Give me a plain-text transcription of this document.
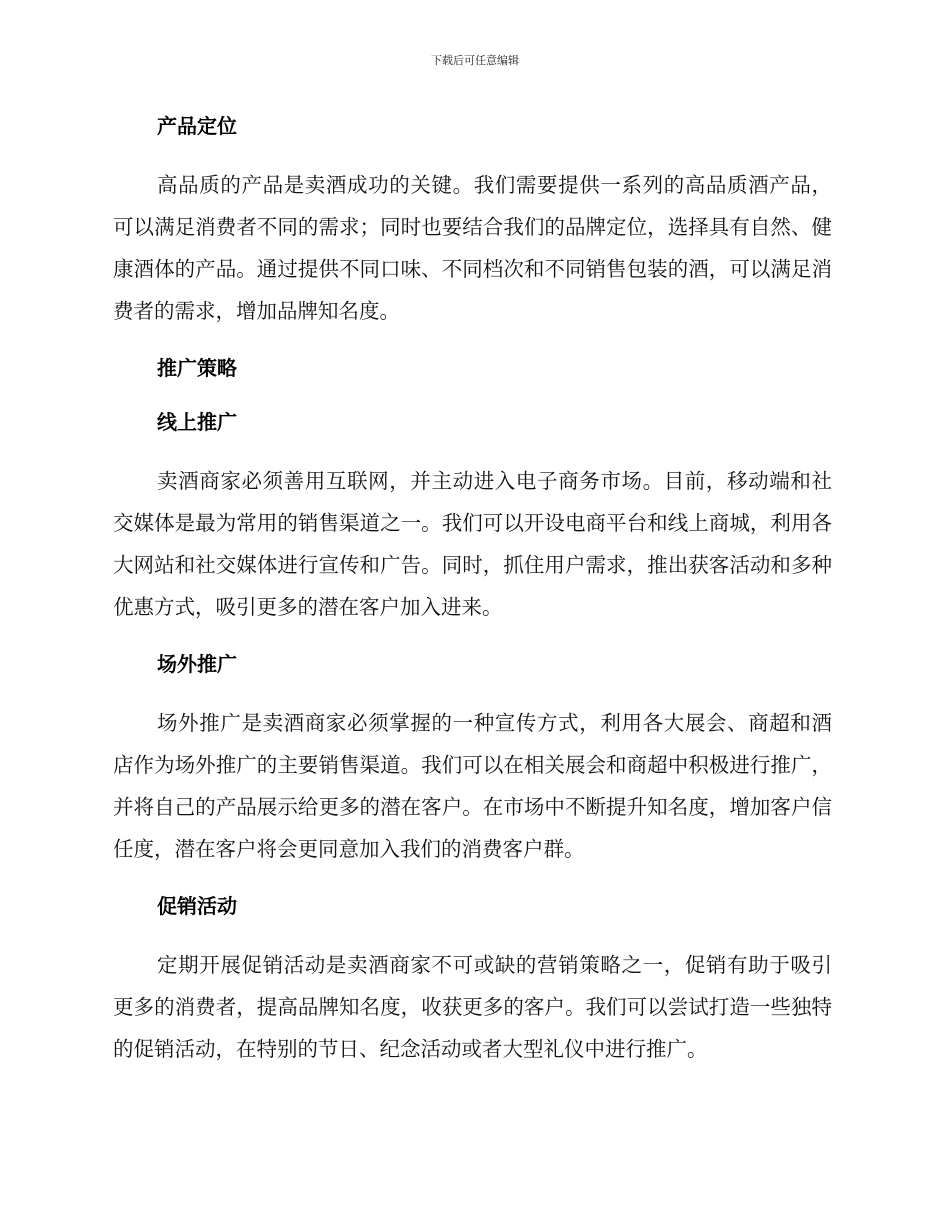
下载后可任意编辑
产品定位

高品质的产品是卖酒成功的关键。我们需要提供一系列的高品质酒产品，可以满足消费者不同的需求；同时也要结合我们的品牌定位，选择具有自然、健康酒体的产品。通过提供不同口味、不同档次和不同销售包装的酒，可以满足消费者的需求，增加品牌知名度。

推广策略
线上推广

卖酒商家必须善用互联网，并主动进入电子商务市场。目前，移动端和社交媒体是最为常用的销售渠道之一。我们可以开设电商平台和线上商城，利用各大网站和社交媒体进行宣传和广告。同时，抓住用户需求，推出获客活动和多种优惠方式，吸引更多的潜在客户加入进来。

场外推广

场外推广是卖酒商家必须掌握的一种宣传方式，利用各大展会、商超和酒店作为场外推广的主要销售渠道。我们可以在相关展会和商超中积极进行推广，并将自己的产品展示给更多的潜在客户。在市场中不断提升知名度，增加客户信任度，潜在客户将会更同意加入我们的消费客户群。

促销活动

定期开展促销活动是卖酒商家不可或缺的营销策略之一，促销有助于吸引更多的消费者，提高品牌知名度，收获更多的客户。我们可以尝试打造一些独特的促销活动，在特别的节日、纪念活动或者大型礼仪中进行推广。
